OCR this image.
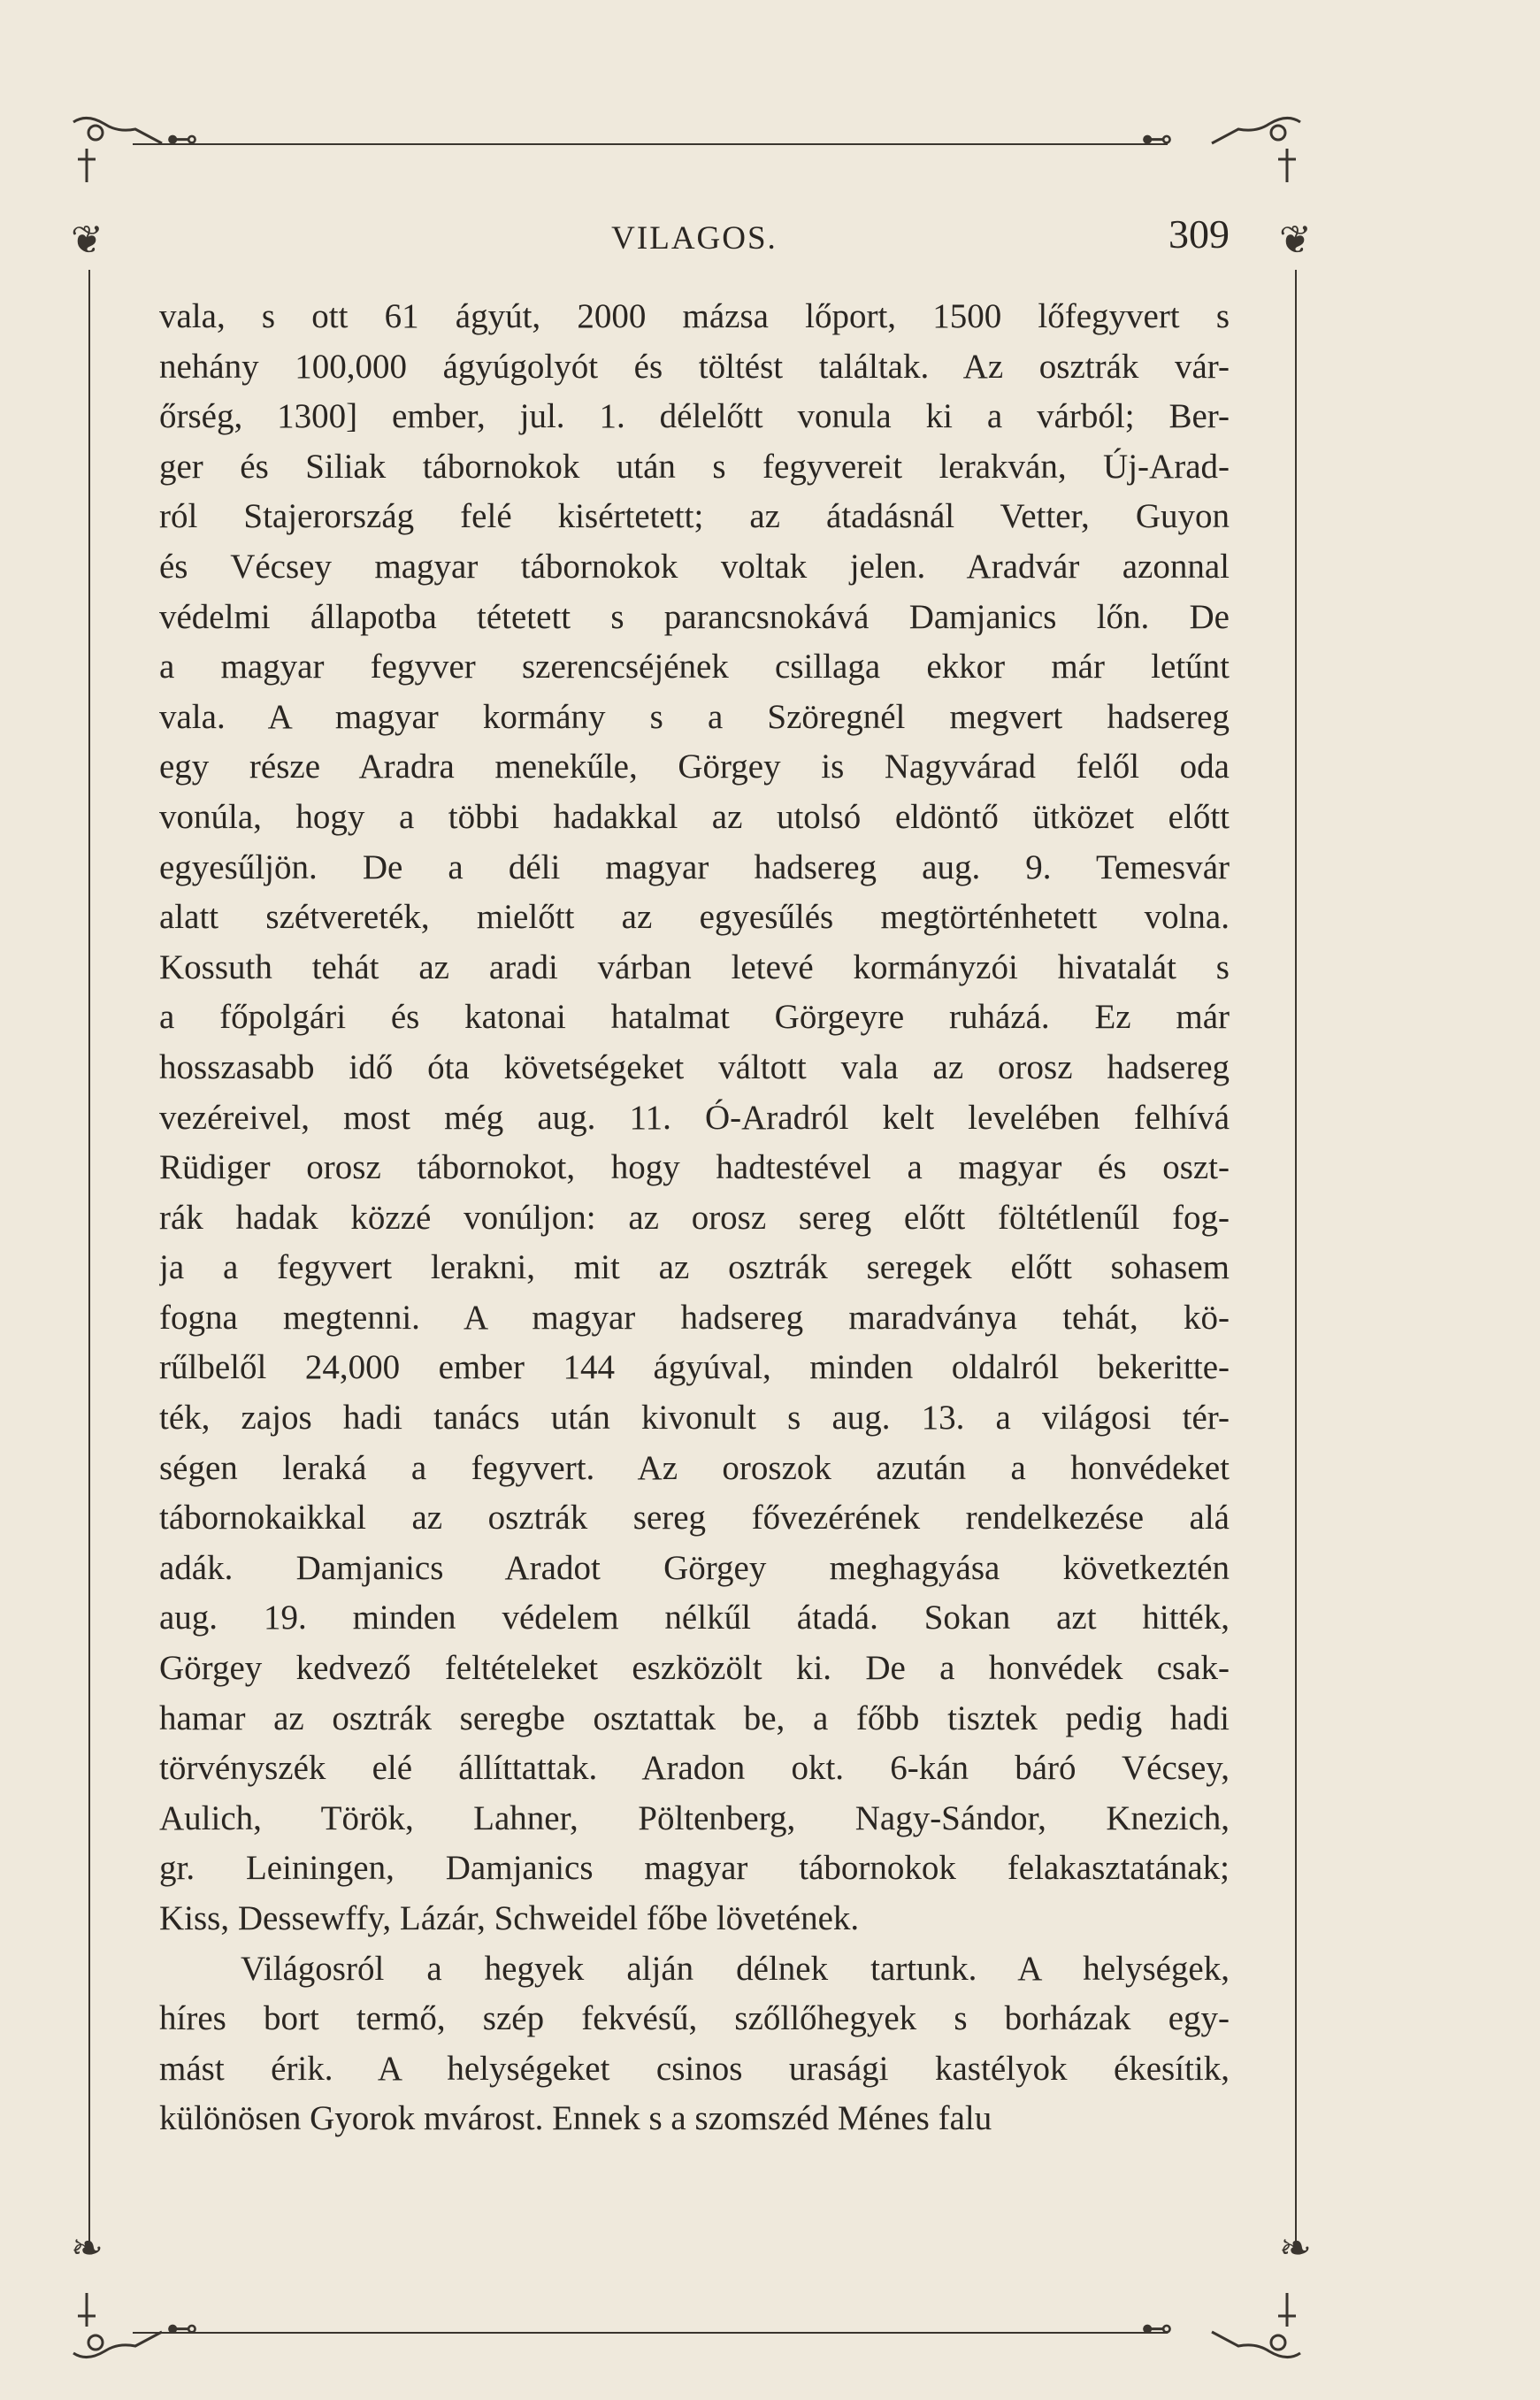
❦	❦
❧	❧
⊷	⊷
⊷	⊷
VILAGOS.	309
vala, s ott 61 ágyút, 2000 mázsa lőport, 1500 lőfegyvert s
nehány 100,000 ágyúgolyót és töltést találtak. Az osztrák vár-
őrség, 1300] ember, jul. 1. délelőtt vonula ki a várból; Ber-
ger és Siliak tábornokok után s fegyvereit lerakván, Új-Arad-
ról Stajerország felé kisértetett; az átadásnál Vetter, Guyon
és Vécsey magyar tábornokok voltak jelen. Aradvár azonnal
védelmi állapotba tétetett s parancsnokává Damjanics lőn. De
a magyar fegyver szerencséjének csillaga ekkor már letűnt
vala. A magyar kormány s a Szöregnél megvert hadsereg
egy része Aradra menekűle, Görgey is Nagyvárad felől oda
vonúla, hogy a többi hadakkal az utolsó eldöntő ütközet előtt
egyesűljön. De a déli magyar hadsereg aug. 9. Temesvár
alatt szétvereték, mielőtt az egyesűlés megtörténhetett volna.
Kossuth tehát az aradi várban letevé kormányzói hivatalát s
a főpolgári és katonai hatalmat Görgeyre ruházá. Ez már
hosszasabb idő óta követségeket váltott vala az orosz hadsereg
vezéreivel, most még aug. 11. Ó-Aradról kelt levelében felhívá
Rüdiger orosz tábornokot, hogy hadtestével a magyar és oszt-
rák hadak közzé vonúljon: az orosz sereg előtt föltétlenűl fog-
ja a fegyvert lerakni, mit az osztrák seregek előtt sohasem
fogna megtenni. A magyar hadsereg maradványa tehát, kö-
rűlbelől 24,000 ember 144 ágyúval, minden oldalról bekeritte-
ték, zajos hadi tanács után kivonult s aug. 13. a világosi tér-
ségen leraká a fegyvert. Az oroszok azután a honvédeket
tábornokaikkal az osztrák sereg fővezérének rendelkezése alá
adák. Damjanics Aradot Görgey meghagyása következtén
aug. 19. minden védelem nélkűl átadá. Sokan azt hitték,
Görgey kedvező feltételeket eszközölt ki. De a honvédek csak-
hamar az osztrák seregbe osztattak be, a főbb tisztek pedig hadi
törvényszék elé állíttattak. Aradon okt. 6-kán báró Vécsey,
Aulich, Török, Lahner, Pöltenberg, Nagy-Sándor, Knezich,
gr. Leiningen, Damjanics magyar tábornokok felakasztatának;
Kiss, Dessewffy, Lázár, Schweidel főbe lövetének.
Világosról a hegyek alján délnek tartunk. A helységek,
híres bort termő, szép fekvésű, szőllőhegyek s borházak egy-
mást érik. A helységeket csinos urasági kastélyok ékesítik,
különösen Gyorok mvárost. Ennek s a szomszéd Ménes falu
